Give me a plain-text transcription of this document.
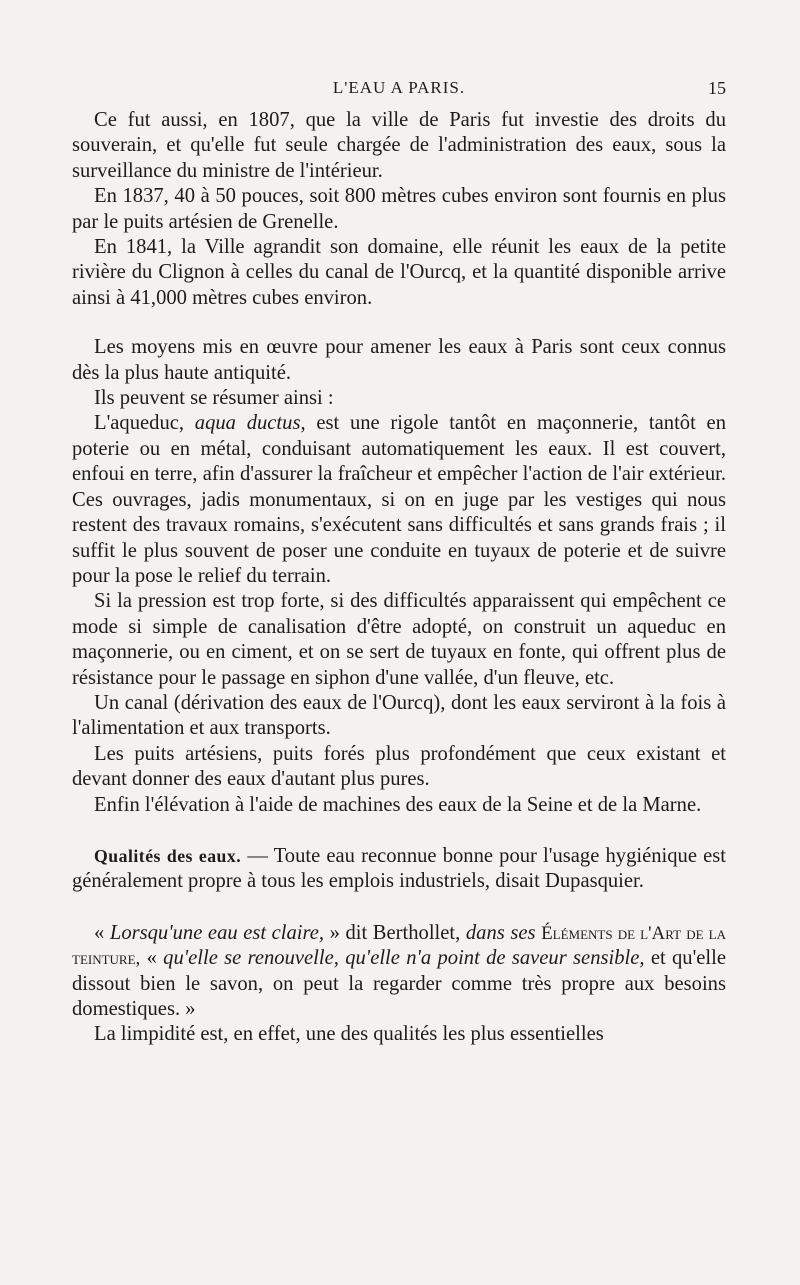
L'EAU A PARIS.	15

Ce fut aussi, en 1807, que la ville de Paris fut investie des droits du souverain, et qu'elle fut seule chargée de l'administration des eaux, sous la surveillance du ministre de l'intérieur.

En 1837, 40 à 50 pouces, soit 800 mètres cubes environ sont fournis en plus par le puits artésien de Grenelle.

En 1841, la Ville agrandit son domaine, elle réunit les eaux de la petite rivière du Clignon à celles du canal de l'Ourcq, et la quantité disponible arrive ainsi à 41,000 mètres cubes environ.

Les moyens mis en œuvre pour amener les eaux à Paris sont ceux connus dès la plus haute antiquité.

Ils peuvent se résumer ainsi :

L'aqueduc, aqua ductus, est une rigole tantôt en maçonnerie, tantôt en poterie ou en métal, conduisant automatiquement les eaux. Il est couvert, enfoui en terre, afin d'assurer la fraîcheur et empêcher l'action de l'air extérieur. Ces ouvrages, jadis monumentaux, si on en juge par les vestiges qui nous restent des travaux romains, s'exécutent sans difficultés et sans grands frais ; il suffit le plus souvent de poser une conduite en tuyaux de poterie et de suivre pour la pose le relief du terrain.

Si la pression est trop forte, si des difficultés apparaissent qui empêchent ce mode si simple de canalisation d'être adopté, on construit un aqueduc en maçonnerie, ou en ciment, et on se sert de tuyaux en fonte, qui offrent plus de résistance pour le passage en siphon d'une vallée, d'un fleuve, etc.

Un canal (dérivation des eaux de l'Ourcq), dont les eaux serviront à la fois à l'alimentation et aux transports.

Les puits artésiens, puits forés plus profondément que ceux existant et devant donner des eaux d'autant plus pures.

Enfin l'élévation à l'aide de machines des eaux de la Seine et de la Marne.

Qualités des eaux. — Toute eau reconnue bonne pour l'usage hygiénique est généralement propre à tous les emplois industriels, disait Dupasquier.

« Lorsqu'une eau est claire, » dit Berthollet, dans ses Éléments de l'Art de la teinture, « qu'elle se renouvelle, qu'elle n'a point de saveur sensible, et qu'elle dissout bien le savon, on peut la regarder comme très propre aux besoins domestiques. »

La limpidité est, en effet, une des qualités les plus essentielles
